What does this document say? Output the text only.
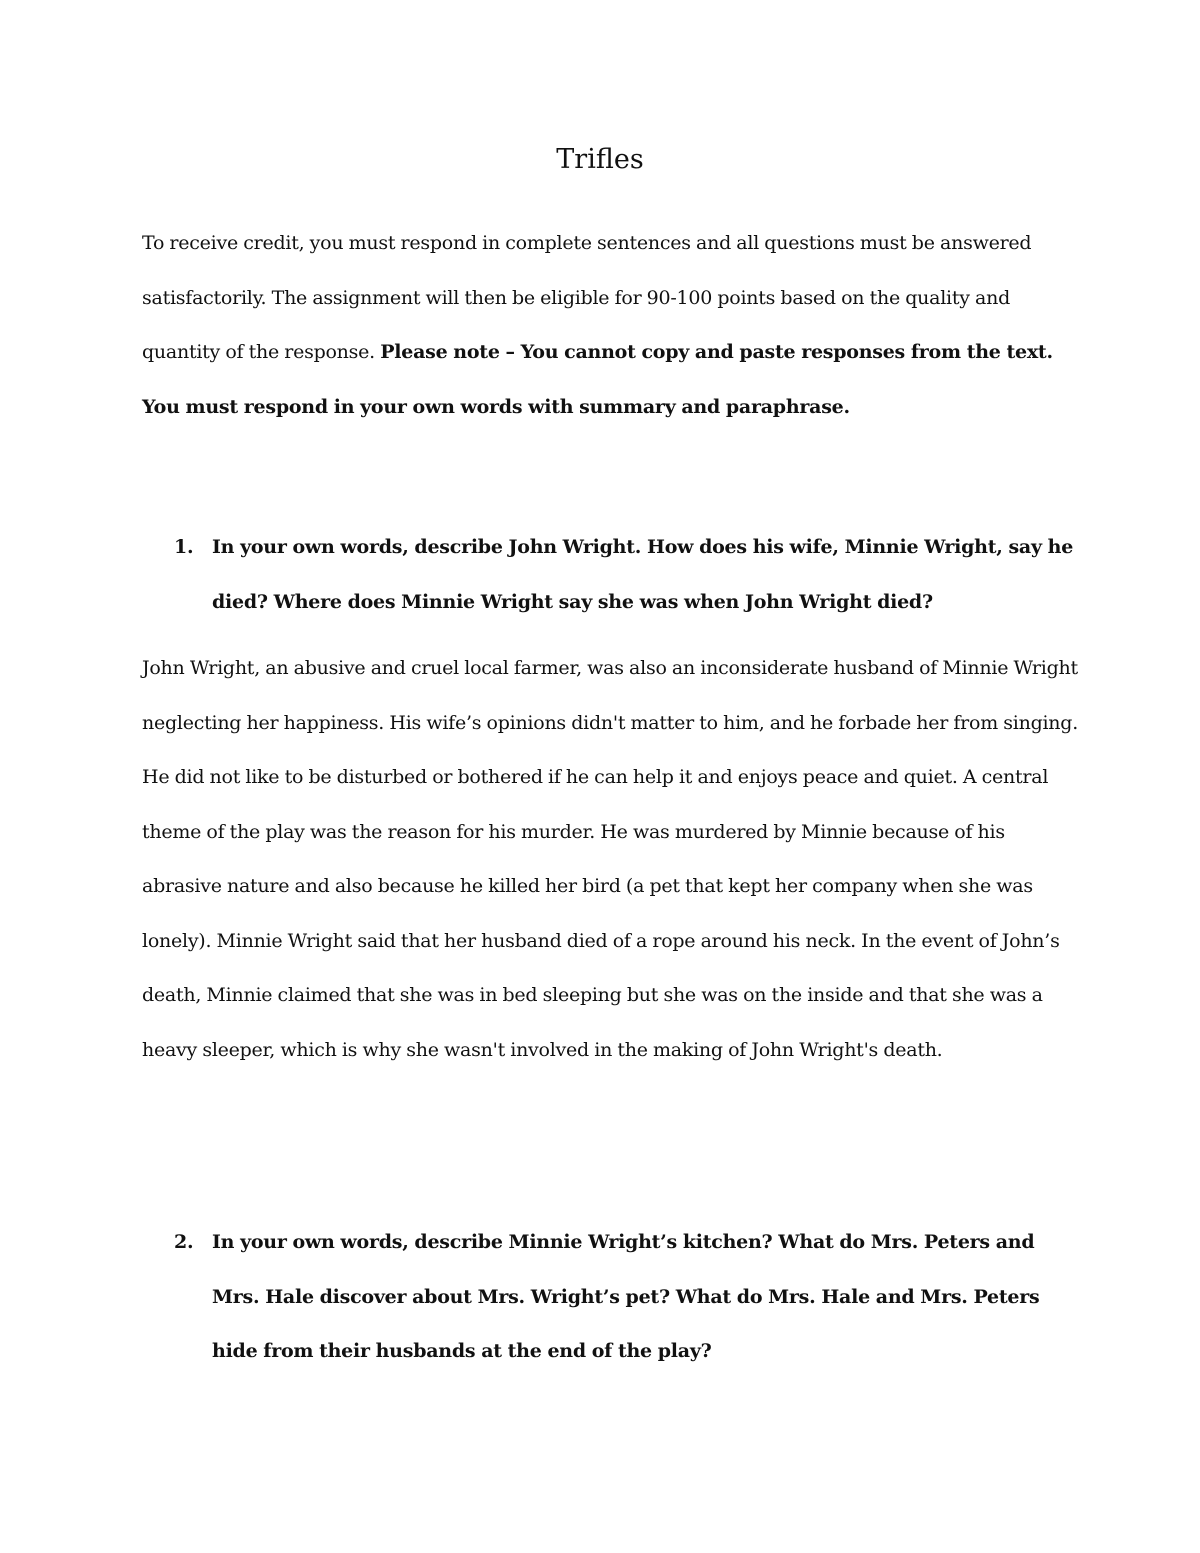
Trifles

To receive credit, you must respond in complete sentences and all questions must be answered satisfactorily. The assignment will then be eligible for 90-100 points based on the quality and quantity of the response. Please note – You cannot copy and paste responses from the text. You must respond in your own words with summary and paraphrase.

1. In your own words, describe John Wright. How does his wife, Minnie Wright, say he died? Where does Minnie Wright say she was when John Wright died?

John Wright, an abusive and cruel local farmer, was also an inconsiderate husband of Minnie Wright neglecting her happiness. His wife’s opinions didn't matter to him, and he forbade her from singing. He did not like to be disturbed or bothered if he can help it and enjoys peace and quiet. A central theme of the play was the reason for his murder. He was murdered by Minnie because of his abrasive nature and also because he killed her bird (a pet that kept her company when she was lonely). Minnie Wright said that her husband died of a rope around his neck. In the event of John’s death, Minnie claimed that she was in bed sleeping but she was on the inside and that she was a heavy sleeper, which is why she wasn't involved in the making of John Wright's death.

2. In your own words, describe Minnie Wright’s kitchen? What do Mrs. Peters and Mrs. Hale discover about Mrs. Wright’s pet? What do Mrs. Hale and Mrs. Peters hide from their husbands at the end of the play?
